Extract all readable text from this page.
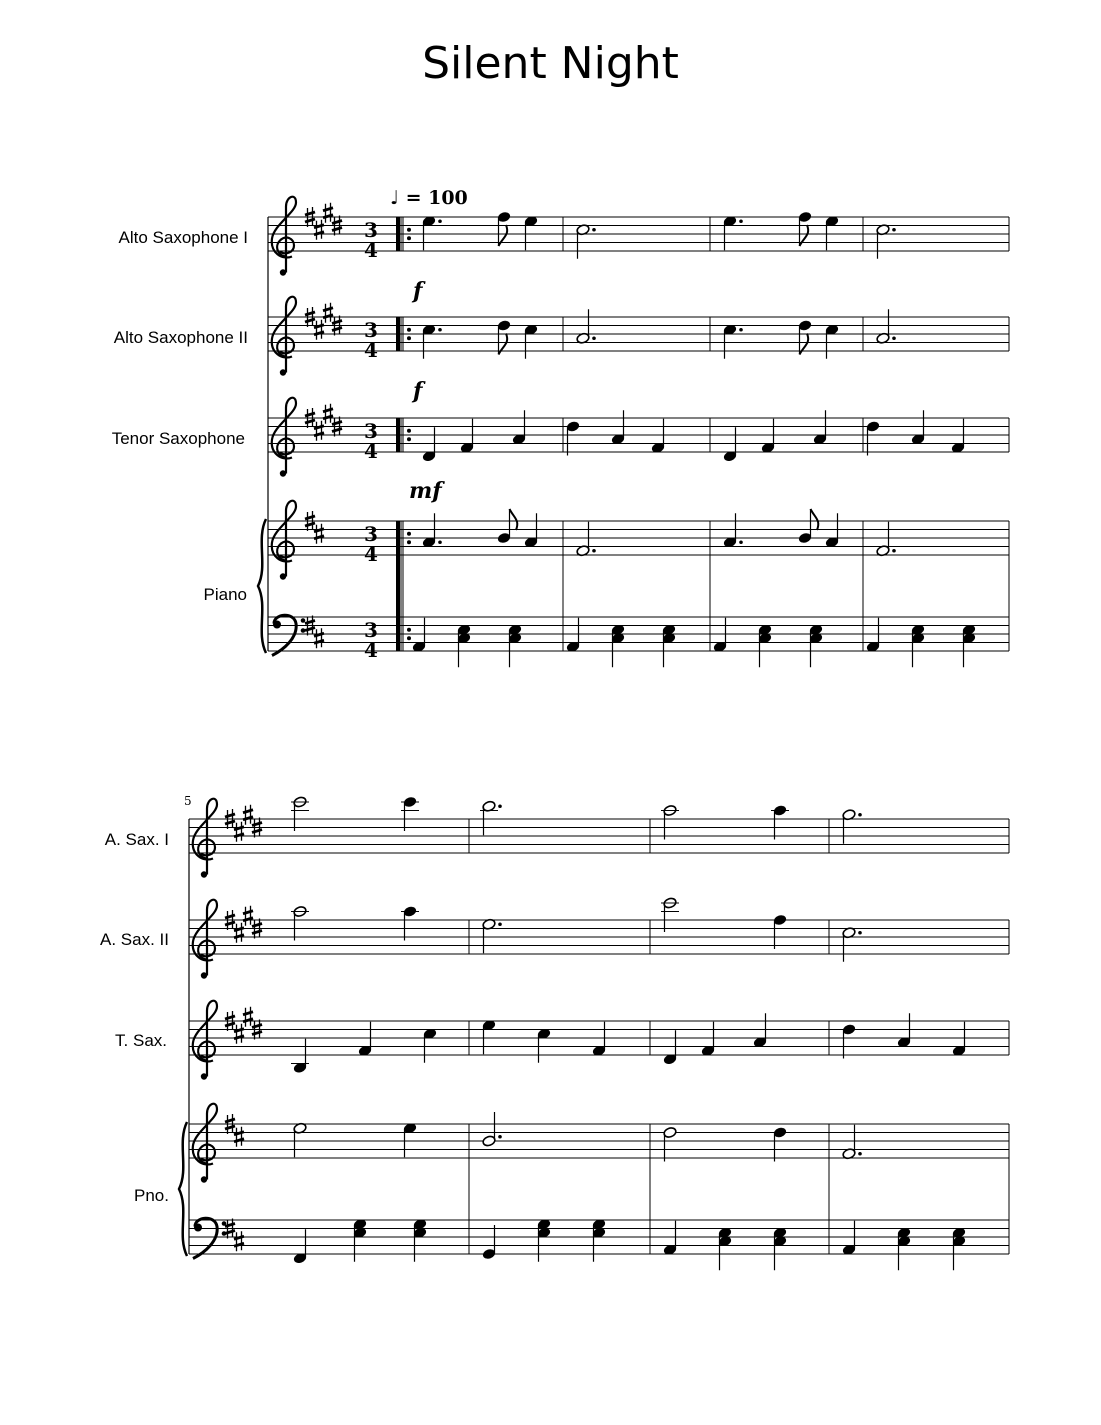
Silent Night
Alto Saxophone I
Alto Saxophone II
Tenor Saxophone
Piano
A. Sax. I
A. Sax. II
T. Sax.
Pno.
♩ = 100
5
f
f
mf
3
4
3
4
3
4
3
4
3
4
